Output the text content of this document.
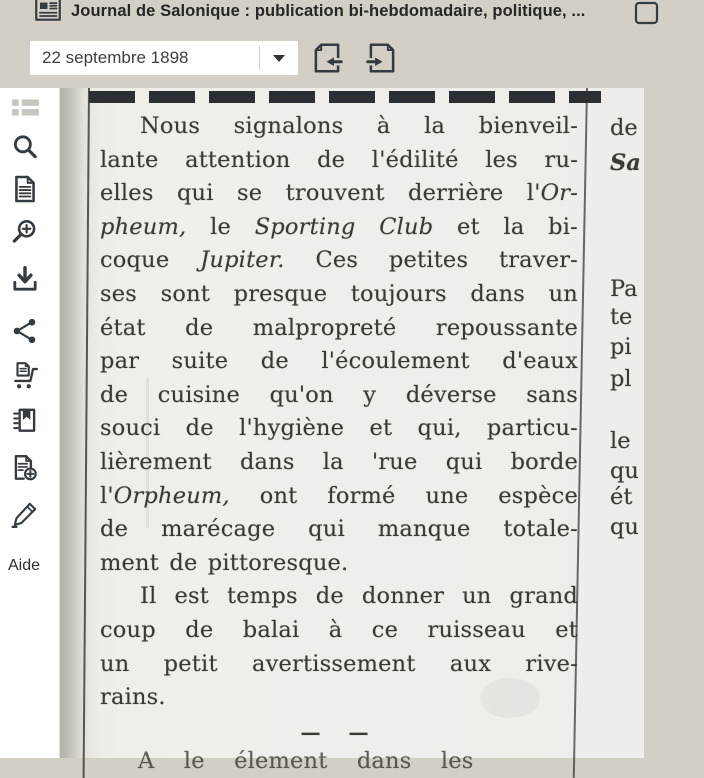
Journal de Salonique : publication bi-hebdomadaire, politique, ...
22 septembre 1898
Aide
Nous signalons à la bienveil-
lante attention de l'édilité les ru-
elles qui se trouvent derrière l'Or-
pheum, le Sporting Club et la bi-
coque Jupiter. Ces petites traver-
ses sont presque toujours dans un
état de malpropreté repoussante
par suite de l'écoulement d'eaux
de cuisine qu'on y déverse sans
souci de l'hygiène et qui, particu-
lièrement dans la 'rue qui borde
l'Orpheum, ont formé une espèce
de marécage qui manque totale-
ment de pittoresque.
Il est temps de donner un grand
coup de balai à ce ruisseau et
un petit avertissement aux rive-
rains.
— —
A le élement dans les
de
Sa
Pa
te
pi
pl
le
qu
ét
qu
